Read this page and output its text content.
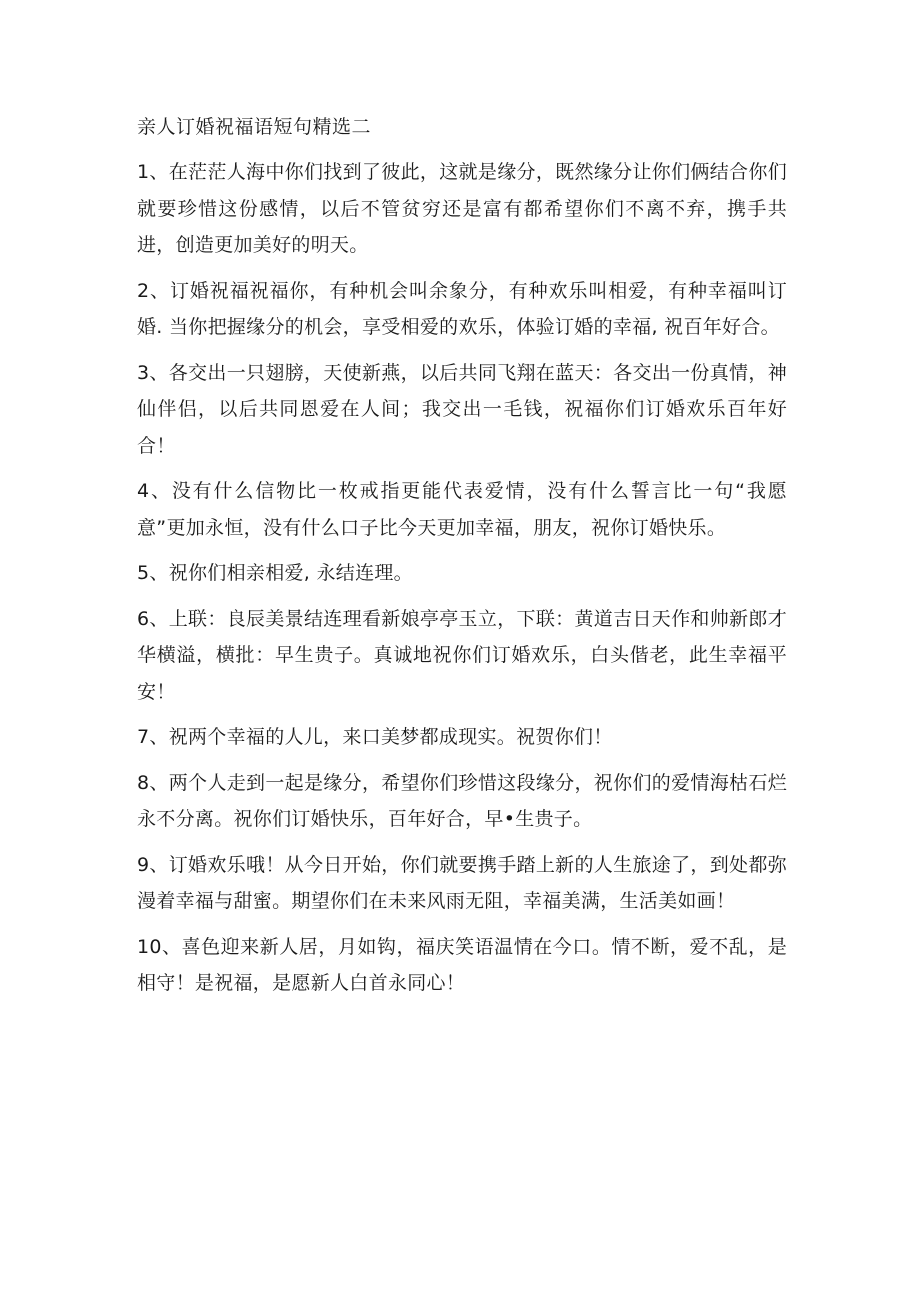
亲人订婚祝福语短句精选二

1、在茫茫人海中你们找到了彼此，这就是缘分，既然缘分让你们俩结合你们就要珍惜这份感情，以后不管贫穷还是富有都希望你们不离不弃，携手共进，创造更加美好的明天。

2、订婚祝福祝福你，有种机会叫余象分，有种欢乐叫相爱，有种幸福叫订婚. 当你把握缘分的机会，享受相爱的欢乐，体验订婚的幸福, 祝百年好合。

3、各交出一只翅膀，天使新燕，以后共同飞翔在蓝天：各交出一份真情，神仙伴侣，以后共同恩爱在人间；我交出一毛钱，祝福你们订婚欢乐百年好合！

4、没有什么信物比一枚戒指更能代表爱情，没有什么誓言比一句“我愿意”更加永恒，没有什么口子比今天更加幸福，朋友，祝你订婚快乐。

5、祝你们相亲相爱, 永结连理。

6、上联：良辰美景结连理看新娘亭亭玉立，下联：黄道吉日天作和帅新郎才华横溢，横批：早生贵子。真诚地祝你们订婚欢乐，白头偕老，此生幸福平安！

7、祝两个幸福的人儿，来口美梦都成现实。祝贺你们！

8、两个人走到一起是缘分，希望你们珍惜这段缘分，祝你们的爱情海枯石烂永不分离。祝你们订婚快乐，百年好合，早•生贵子。

9、订婚欢乐哦！从今日开始，你们就要携手踏上新的人生旅途了，到处都弥漫着幸福与甜蜜。期望你们在未来风雨无阻，幸福美满，生活美如画！

10、喜色迎来新人居，月如钩，福庆笑语温情在今口。情不断，爱不乱，是相守！是祝福，是愿新人白首永同心！
